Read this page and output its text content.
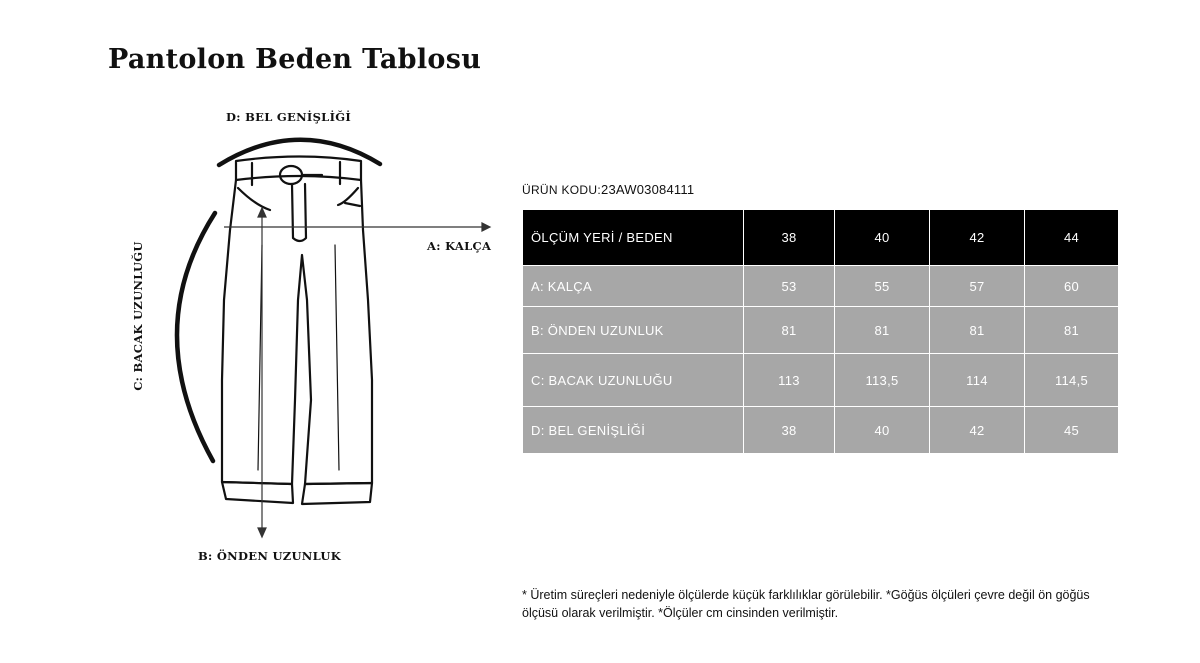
Pantolon Beden Tablosu
D: BEL GENİŞLİĞİ
A: KALÇA
B: ÖNDEN UZUNLUK
C: BACAK UZUNLUĞU
ÜRÜN KODU:23AW03084111
ÖLÇÜM YERİ / BEDEN	38	40	42	44
A: KALÇA	53	55	57	60
B: ÖNDEN UZUNLUK	81	81	81	81
C: BACAK UZUNLUĞU	113	113,5	114	114,5
D: BEL GENİŞLİĞİ	38	40	42	45

* Üretim süreçleri nedeniyle ölçülerde küçük farklılıklar görülebilir. *Göğüs ölçüleri çevre değil ön göğüs ölçüsü olarak verilmiştir. *Ölçüler cm cinsinden verilmiştir.
